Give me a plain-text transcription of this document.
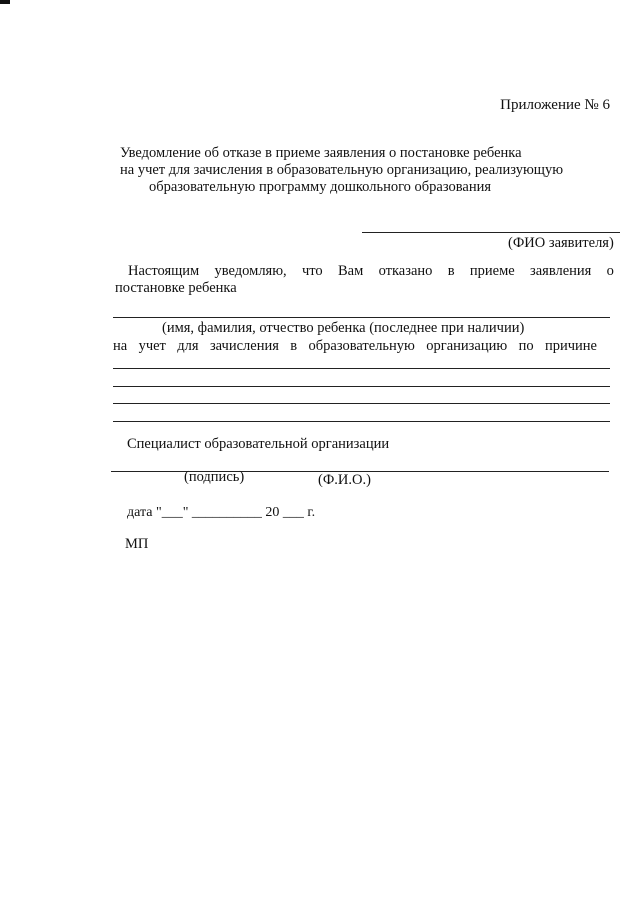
Приложение № 6
Уведомление об отказе в приеме заявления о постановке ребенка
на учет для зачисления в образовательную организацию, реализующую
образовательную программу дошкольного образования
(ФИО заявителя)
Настоящим уведомляю, что Вам отказано в приеме заявления о
постановке ребенка
(имя, фамилия, отчество ребенка (последнее при наличии)
на учет для зачисления в образовательную организацию по причине
Специалист образовательной организации
(подпись)	(Ф.И.О.)
дата "___" __________ 20 ___ г.
МП
